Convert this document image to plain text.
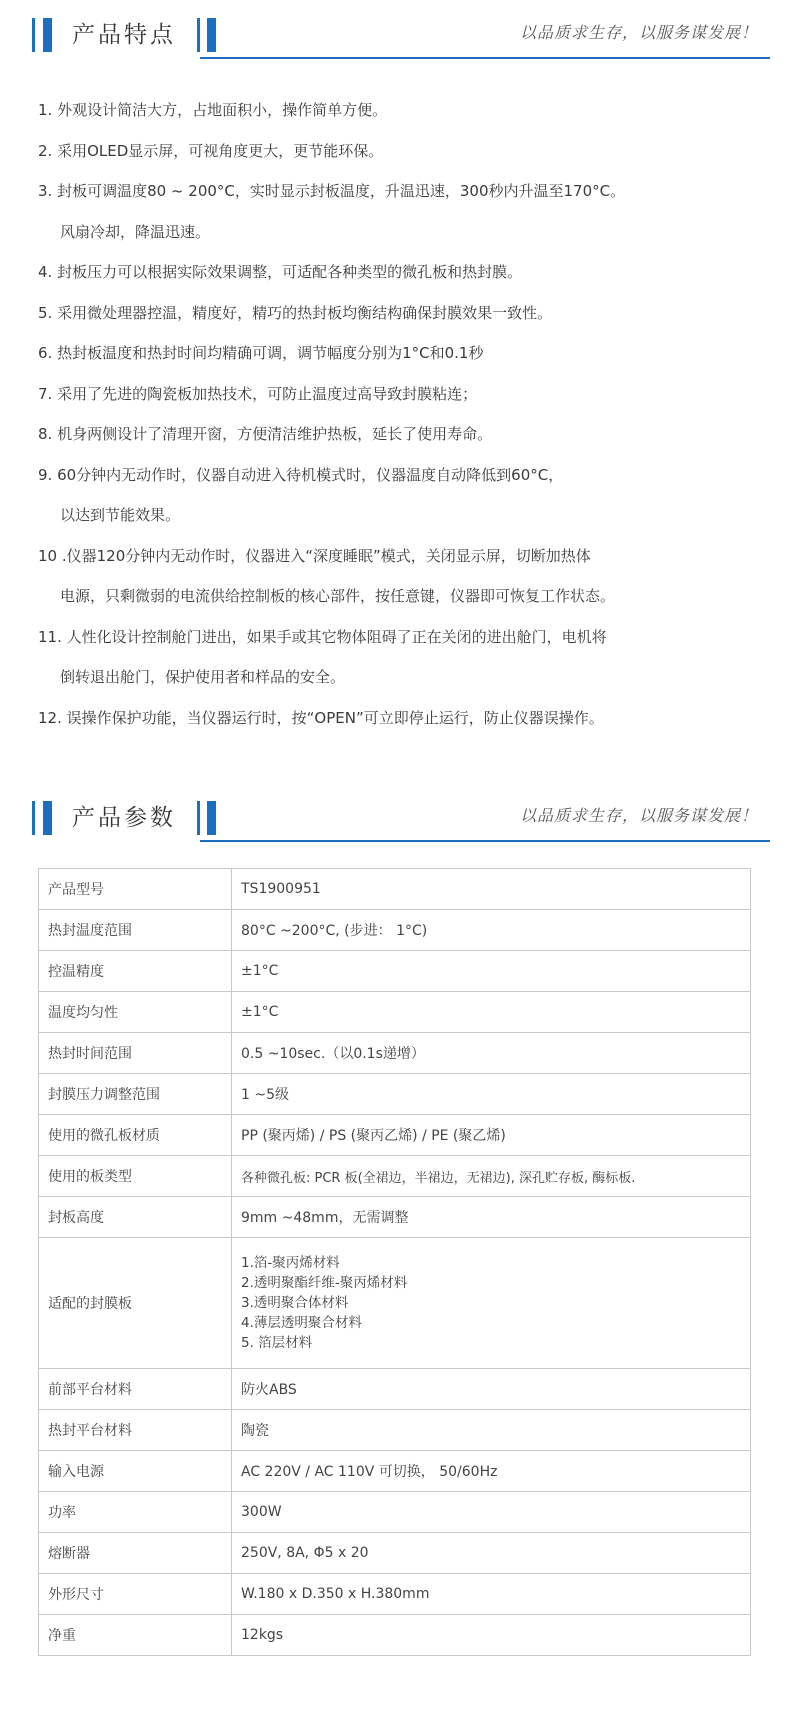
产品特点	以品质求生存，以服务谋发展！
1. 外观设计简洁大方，占地面积小，操作简单方便。
2. 采用OLED显示屏，可视角度更大，更节能环保。
3. 封板可调温度80 ~ 200°C，实时显示封板温度，升温迅速，300秒内升温至170°C。
风扇冷却，降温迅速。
4. 封板压力可以根据实际效果调整，可适配各种类型的微孔板和热封膜。
5. 采用微处理器控温，精度好，精巧的热封板均衡结构确保封膜效果一致性。
6. 热封板温度和热封时间均精确可调，调节幅度分别为1°C和0.1秒
7. 采用了先进的陶瓷板加热技术，可防止温度过高导致封膜粘连；
8. 机身两侧设计了清理开窗，方便清洁维护热板，延长了使用寿命。
9. 60分钟内无动作时，仪器自动进入待机模式时，仪器温度自动降低到60°C，
以达到节能效果。
10 .仪器120分钟内无动作时，仪器进入“深度睡眠”模式，关闭显示屏，切断加热体
电源，只剩微弱的电流供给控制板的核心部件，按任意键，仪器即可恢复工作状态。
11. 人性化设计控制舱门进出，如果手或其它物体阻碍了正在关闭的进出舱门，电机将
倒转退出舱门，保护使用者和样品的安全。
12. 误操作保护功能，当仪器运行时，按“OPEN”可立即停止运行，防止仪器误操作。
产品参数	以品质求生存，以服务谋发展！
产品型号	TS1900951
热封温度范围	80°C ~200°C, (步进： 1°C)
控温精度	±1°C
温度均匀性	±1°C
热封时间范围	0.5 ~10sec.（以0.1s递增）
封膜压力调整范围	1 ~5级
使用的微孔板材质	PP (聚丙烯) / PS (聚丙乙烯) / PE (聚乙烯)
使用的板类型	各种微孔板: PCR 板(全裙边，半裙边，无裙边), 深孔贮存板, 酶标板.
封板高度	9mm ~48mm，无需调整
适配的封膜板	1.箔-聚丙烯材料
2.透明聚酯纤维-聚丙烯材料
3.透明聚合体材料
4.薄层透明聚合材料
5. 箔层材料

前部平台材料	防火ABS
热封平台材料	陶瓷
输入电源	AC 220V / AC 110V 可切换， 50/60Hz
功率	300W
熔断器	250V, 8A, Φ5 x 20
外形尺寸	W.180 x D.350 x H.380mm
净重	12kgs
